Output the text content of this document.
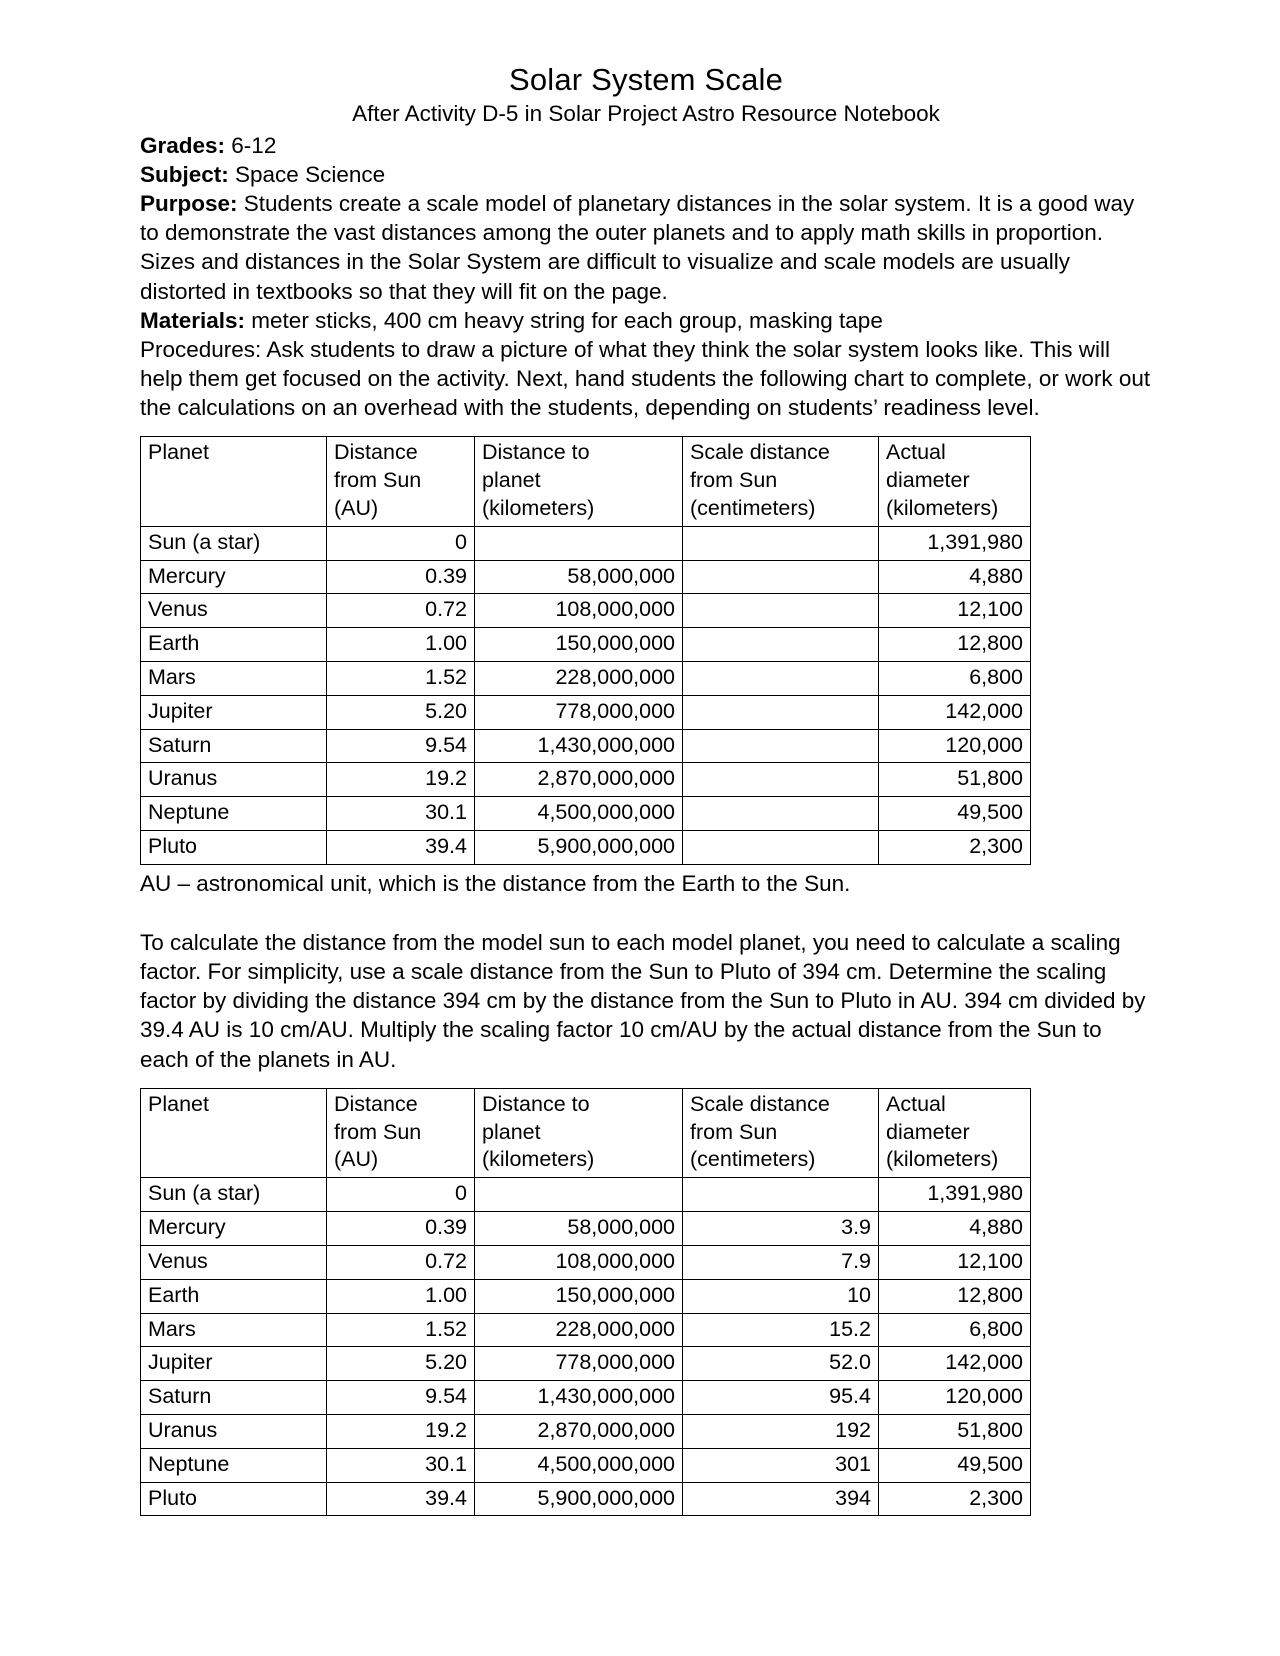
Solar System Scale
After Activity D-5 in Solar Project Astro Resource Notebook

Grades: 6-12

Subject: Space Science

Purpose: Students create a scale model of planetary distances in the solar system. It is a good way to demonstrate the vast distances among the outer planets and to apply math skills in proportion. Sizes and distances in the Solar System are difficult to visualize and scale models are usually distorted in textbooks so that they will fit on the page.

Materials: meter sticks, 400 cm heavy string for each group, masking tape

Procedures: Ask students to draw a picture of what they think the solar system looks like. This will help them get focused on the activity. Next, hand students the following chart to complete, or work out the calculations on an overhead with the students, depending on students’ readiness level.

Planet	Distance
from Sun
(AU)	Distance to
planet
(kilometers)	Scale distance
from Sun
(centimeters)	Actual
diameter
(kilometers)

Sun (a star)	0			1,391,980
Mercury	0.39	58,000,000		4,880
Venus	0.72	108,000,000		12,100
Earth	1.00	150,000,000		12,800
Mars	1.52	228,000,000		6,800
Jupiter	5.20	778,000,000		142,000
Saturn	9.54	1,430,000,000		120,000
Uranus	19.2	2,870,000,000		51,800
Neptune	30.1	4,500,000,000		49,500
Pluto	39.4	5,900,000,000		2,300

AU – astronomical unit, which is the distance from the Earth to the Sun.

To calculate the distance from the model sun to each model planet, you need to calculate a scaling factor. For simplicity, use a scale distance from the Sun to Pluto of 394 cm. Determine the scaling factor by dividing the distance 394 cm by the distance from the Sun to Pluto in AU. 394 cm divided by 39.4 AU is 10 cm/AU. Multiply the scaling factor 10 cm/AU by the actual distance from the Sun to each of the planets in AU.

Planet	Distance
from Sun
(AU)	Distance to
planet
(kilometers)	Scale distance
from Sun
(centimeters)	Actual
diameter
(kilometers)

Sun (a star)	0			1,391,980
Mercury	0.39	58,000,000	3.9	4,880
Venus	0.72	108,000,000	7.9	12,100
Earth	1.00	150,000,000	10	12,800
Mars	1.52	228,000,000	15.2	6,800
Jupiter	5.20	778,000,000	52.0	142,000
Saturn	9.54	1,430,000,000	95.4	120,000
Uranus	19.2	2,870,000,000	192	51,800
Neptune	30.1	4,500,000,000	301	49,500
Pluto	39.4	5,900,000,000	394	2,300
